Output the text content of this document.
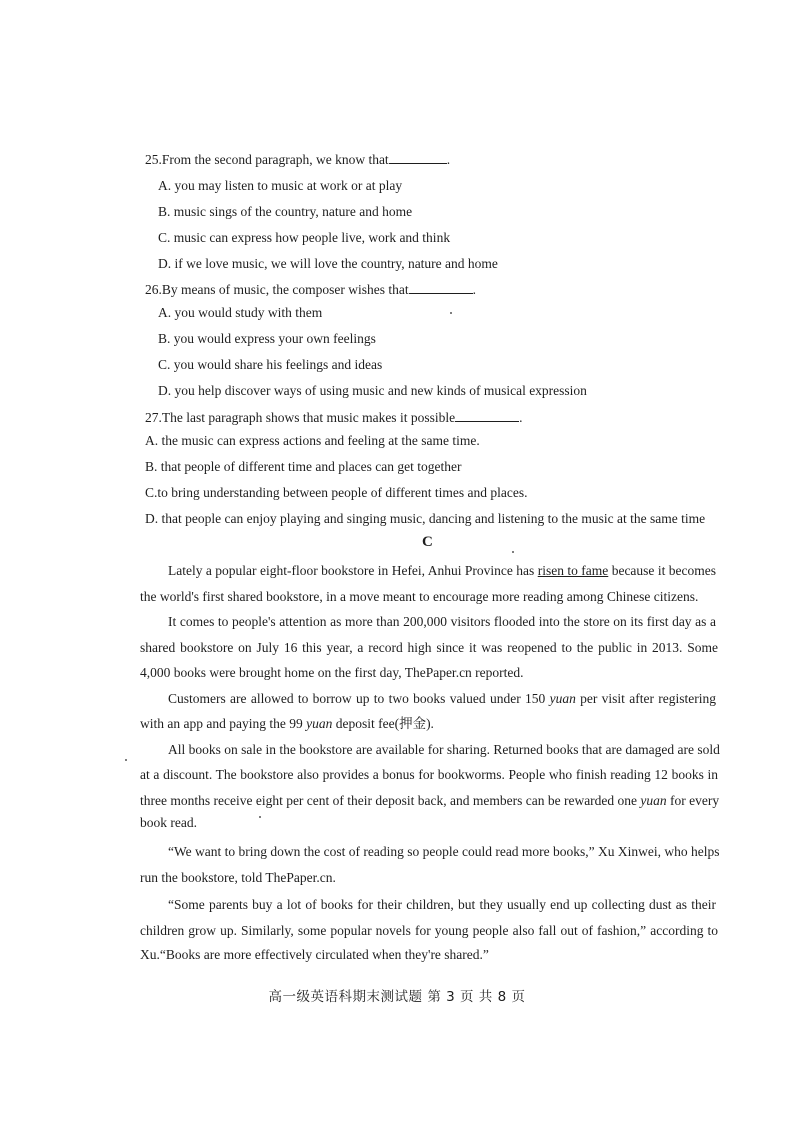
25.From the second paragraph, we know that	.
A. you may listen to music at work or at play
B. music sings of the country, nature and home
C. music can express how people live, work and think
D. if we love music, we will love the country, nature and home
26.By means of music, the composer wishes that	.
A. you would study with them
B. you would express your own feelings
C. you would share his feelings and ideas
D. you help discover ways of using music and new kinds of musical expression
27.The last paragraph shows that music makes it possible	.
A. the music can express actions and feeling at the same time.
B. that people of different time and places can get together
C.to bring understanding between people of different times and places.
D. that people can enjoy playing and singing music, dancing and listening to the music at the same time
C
Lately a popular eight-floor bookstore in Hefei, Anhui Province has risen to fame because it becomes
the world's first shared bookstore, in a move meant to encourage more reading among Chinese citizens.
It comes to people's attention as more than 200,000 visitors flooded into the store on its first day as a
shared bookstore on July 16 this year, a record high since it was reopened to the public in 2013. Some
4,000 books were brought home on the first day, ThePaper.cn reported.
Customers are allowed to borrow up to two books valued under 150 yuan per visit after registering
with an app and paying the 99 yuan deposit fee(押金).
All books on sale in the bookstore are available for sharing. Returned books that are damaged are sold
at a discount. The bookstore also provides a bonus for bookworms. People who finish reading 12 books in
three months receive eight per cent of their deposit back, and members can be rewarded one yuan for every
book read.
“We want to bring down the cost of reading so people could read more books,” Xu Xinwei, who helps
run the bookstore, told ThePaper.cn.
“Some parents buy a lot of books for their children, but they usually end up collecting dust as their
children grow up. Similarly, some popular novels for young people also fall out of fashion,” according to
Xu.“Books are more effectively circulated when they're shared.”
高一级英语科期末测试题 第 3 页 共 8 页
